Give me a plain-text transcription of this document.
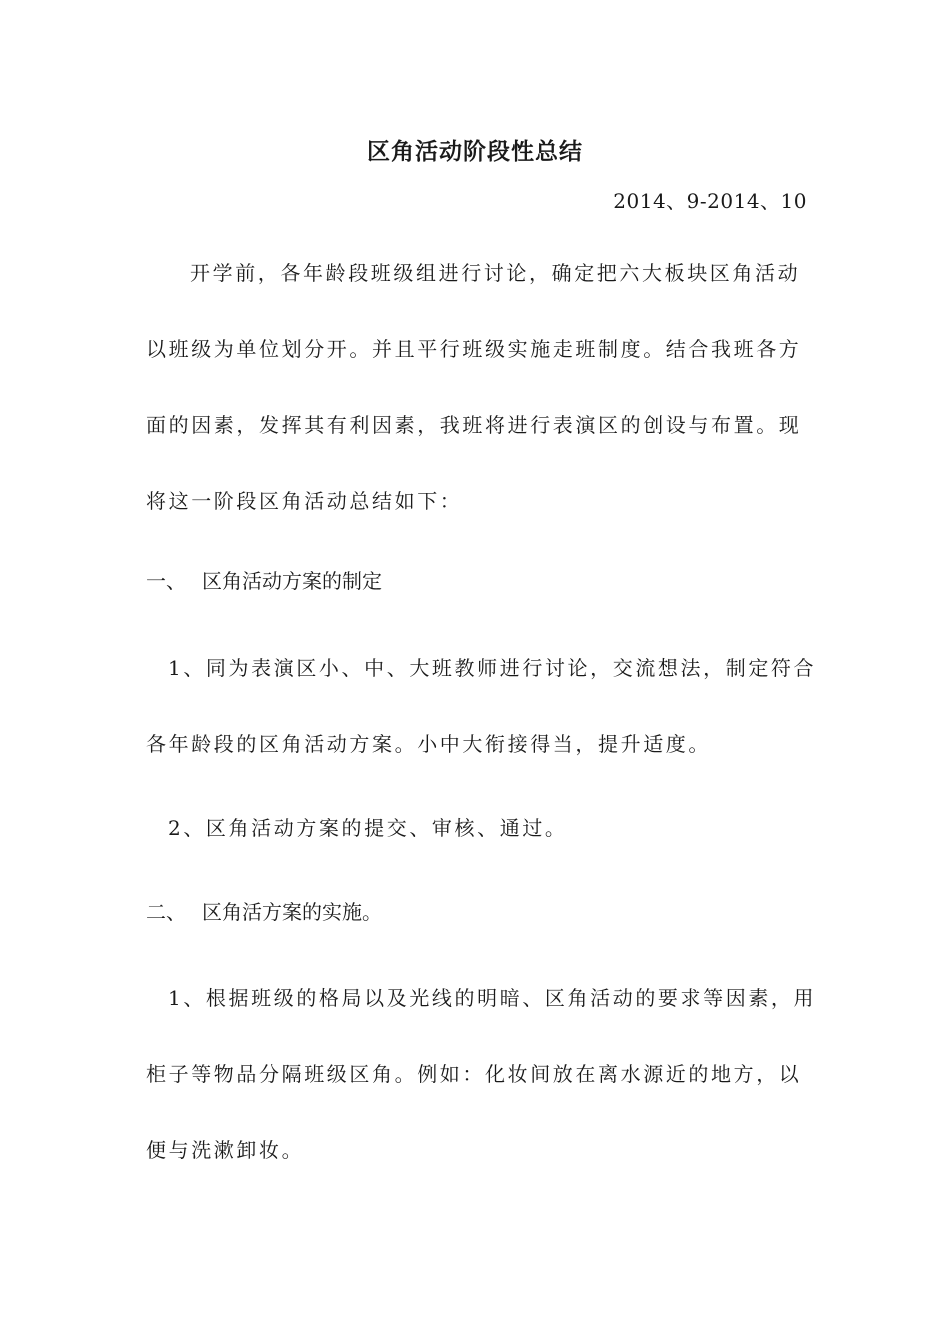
区角活动阶段性总结
2014、9-2014、10
开学前，各年龄段班级组进行讨论，确定把六大板块区角活动
以班级为单位划分开。并且平行班级实施走班制度。结合我班各方
面的因素，发挥其有利因素，我班将进行表演区的创设与布置。现
将这一阶段区角活动总结如下：
一、 区角活动方案的制定
1、同为表演区小、中、大班教师进行讨论，交流想法，制定符合
各年龄段的区角活动方案。小中大衔接得当，提升适度。
2、区角活动方案的提交、审核、通过。
二、 区角活方案的实施。
1、根据班级的格局以及光线的明暗、区角活动的要求等因素，用
柜子等物品分隔班级区角。例如：化妆间放在离水源近的地方，以
便与洗漱卸妆。
